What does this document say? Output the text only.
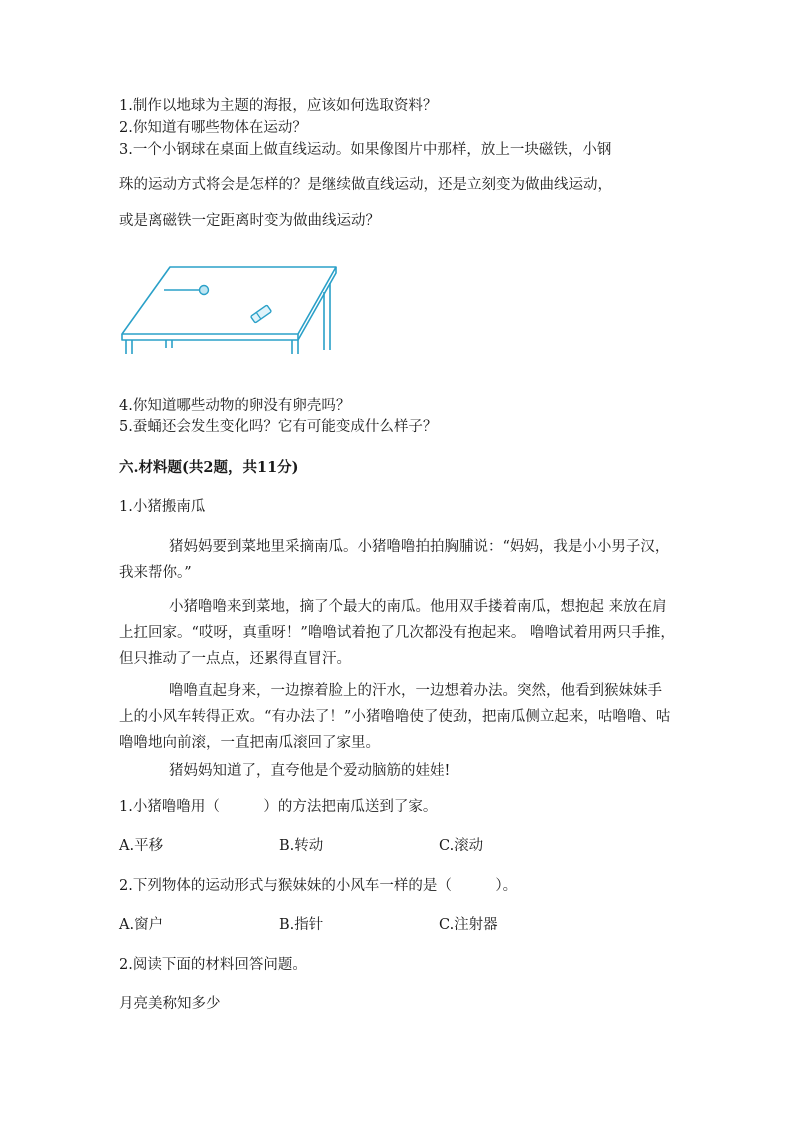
1.制作以地球为主题的海报，应该如何选取资料？
2.你知道有哪些物体在运动？
3.一个小钢球在桌面上做直线运动。如果像图片中那样，放上一块磁铁，小钢
珠的运动方式将会是怎样的？是继续做直线运动，还是立刻变为做曲线运动，
或是离磁铁一定距离时变为做曲线运动？
4.你知道哪些动物的卵没有卵壳吗？
5.蚕蛹还会发生变化吗？它有可能变成什么样子？
六.材料题(共2题，共11分)
1.小猪搬南瓜
猪妈妈要到菜地里采摘南瓜。小猪噜噜拍拍胸脯说：“妈妈，我是小小男子汉，我来帮你。”
小猪噜噜来到菜地，摘了个最大的南瓜。他用双手搂着南瓜，想抱起 来放在肩上扛回家。“哎呀，真重呀！”噜噜试着抱了几次都没有抱起来。 噜噜试着用两只手推，但只推动了一点点，还累得直冒汗。
噜噜直起身来，一边擦着脸上的汗水，一边想着办法。突然，他看到猴妹妹手上的小风车转得正欢。“有办法了！”小猪噜噜使了使劲，把南瓜侧立起来，咕噜噜、咕噜噜地向前滚，一直把南瓜滚回了家里。
猪妈妈知道了，直夸他是个爱动脑筋的娃娃!
1.小猪噜噜用（　　　）的方法把南瓜送到了家。
A.平移	B.转动	C.滚动
2.下列物体的运动形式与猴妹妹的小风车一样的是（　　　）。
A.窗户	B.指针	C.注射器
2.阅读下面的材料回答问题。
月亮美称知多少
